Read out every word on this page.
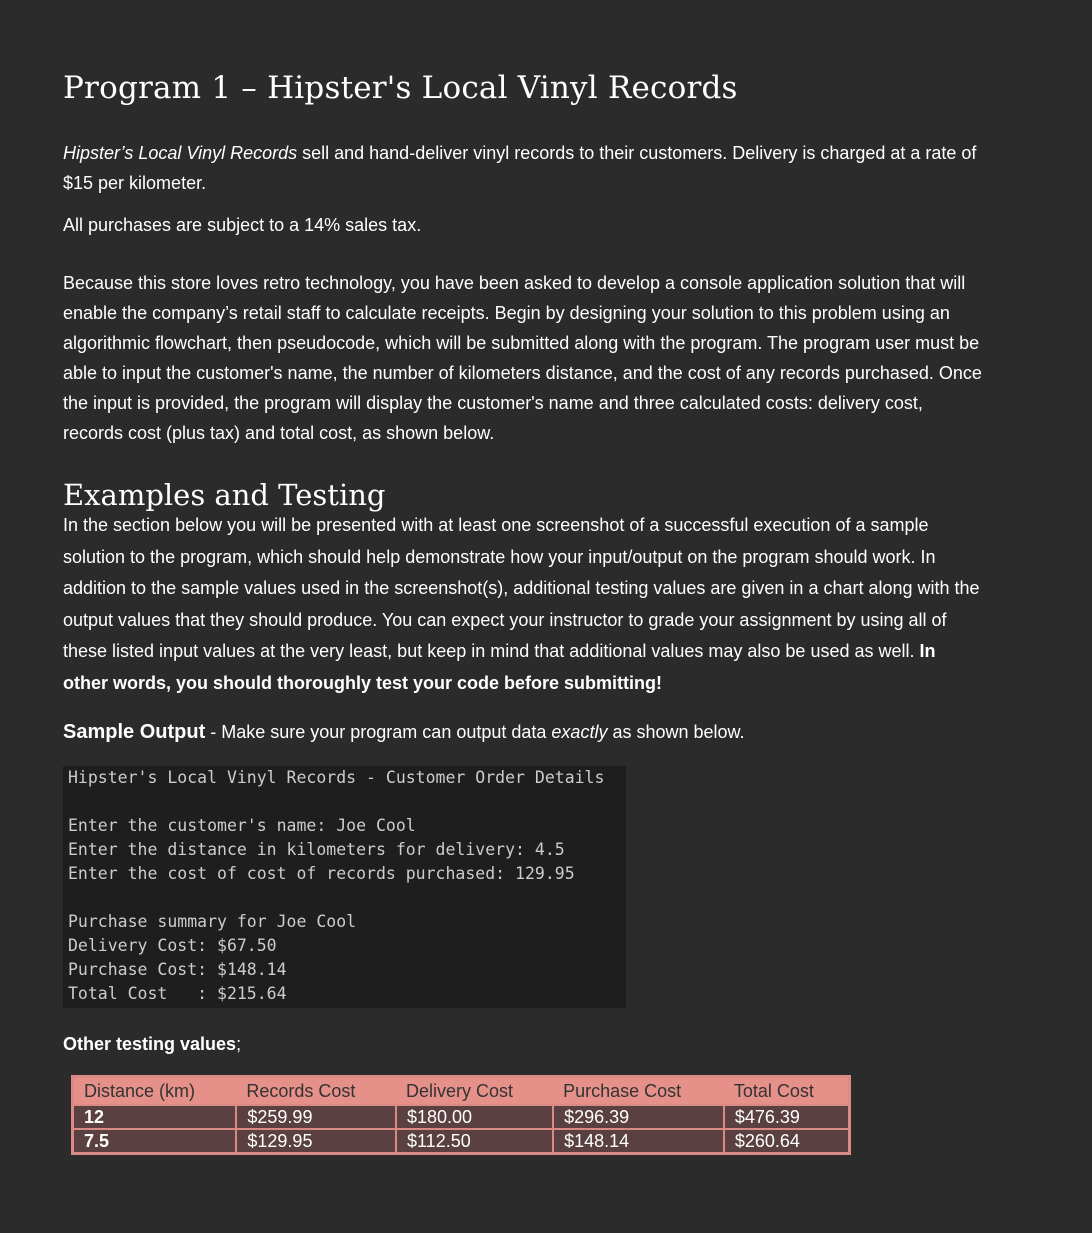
Program 1 – Hipster's Local Vinyl Records

Hipster’s Local Vinyl Records sell and hand-deliver vinyl records to their customers. Delivery is charged at a rate of $15 per kilometer.

All purchases are subject to a 14% sales tax.

Because this store loves retro technology, you have been asked to develop a console application solution that will enable the company’s retail staff to calculate receipts. Begin by designing your solution to this problem using an algorithmic flowchart, then pseudocode, which will be submitted along with the program. The program user must be able to input the customer's name, the number of kilometers distance, and the cost of any records purchased. Once the input is provided, the program will display the customer's name and three calculated costs: delivery cost, records cost (plus tax) and total cost, as shown below.

Examples and Testing

In the section below you will be presented with at least one screenshot of a successful execution of a sample solution to the program, which should help demonstrate how your input/output on the program should work. In addition to the sample values used in the screenshot(s), additional testing values are given in a chart along with the output values that they should produce. You can expect your instructor to grade your assignment by using all of these listed input values at the very least, but keep in mind that additional values may also be used as well. In other words, you should thoroughly test your code before submitting!

Sample Output - Make sure your program can output data exactly as shown below.

Hipster's Local Vinyl Records - Customer Order Details
Enter the customer's name: Joe Cool
Enter the distance in kilometers for delivery: 4.5
Enter the cost of cost of records purchased: 129.95
Purchase summary for Joe Cool
Delivery Cost: $67.50
Purchase Cost: $148.14
Total Cost   : $215.64
Other testing values;
Distance (km)	Records Cost	Delivery Cost	Purchase Cost	Total Cost
12	$259.99	$180.00	$296.39	$476.39
7.5	$129.95	$112.50	$148.14	$260.64
